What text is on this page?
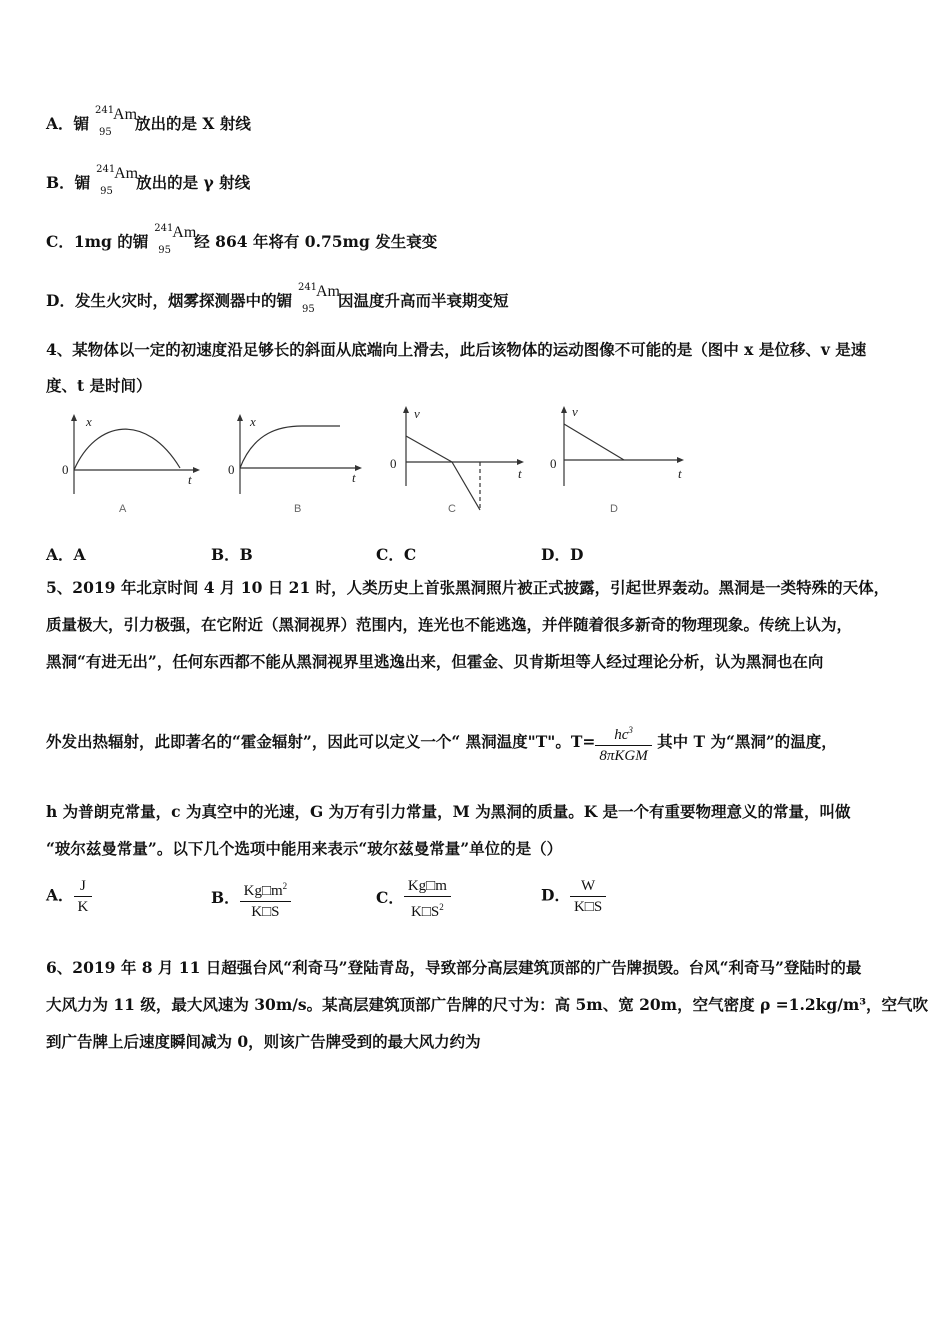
A．镅
241
95
Am
放出的是 X 射线
B．镅
241
95
Am
放出的是 γ 射线
C．1mg 的镅
241
95
Am
经 864 年将有 0.75mg 发生衰变
D．发生火灾时，烟雾探测器中的镅
241
95
Am
因温度升高而半衰期变短
4、某物体以一定的初速度沿足够长的斜面从底端向上滑去，此后该物体的运动图像不可能的是（图中 x 是位移、v 是速
度、t 是时间）
x
t
0
A
x
t
0
B
v
t
0
C
v
t
0
D
A．A	B．B	C．C	D．D
5、2019 年北京时间 4 月 10 日 21 时，人类历史上首张黑洞照片被正式披露，引起世界轰动。黑洞是一类特殊的天体，
质量极大，引力极强，在它附近（黑洞视界）范围内，连光也不能逃逸，并伴随着很多新奇的物理现象。传统上认为，
黑洞“有进无出”，任何东西都不能从黑洞视界里逃逸出来，但霍金、贝肯斯坦等人经过理论分析，认为黑洞也在向
外发出热辐射，此即著名的“霍金辐射”，因此可以定义一个“ 黑洞温度"T"。$T= \frac{hc^3}{\text{8πKGM}}$ 其中 T 为“黑洞”的温度，
h 为普朗克常量，c 为真空中的光速，G 为万有引力常量，M 为黑洞的质量。K 是一个有重要物理意义的常量，叫做
“玻尔兹曼常量”。以下几个选项中能用来表示“玻尔兹曼常量”单位的是（）
A． $\frac{J}{K}$	B． $\frac{Kg□m^2}{K□S}$	C． $\frac{Kg□m}{K□S^2}$	D． $\frac{W}{K□S}$
6、2019 年 8 月 11 日超强台风“利奇马”登陆青岛，导致部分高层建筑顶部的广告牌损毁。台风“利奇马”登陆时的最
大风力为 11 级，最大风速为 30m/s。某高层建筑顶部广告牌的尺寸为：高 5m、宽 20m，空气密度 ρ =1.2kg/m³，空气吹
到广告牌上后速度瞬间减为 0，则该广告牌受到的最大风力约为
